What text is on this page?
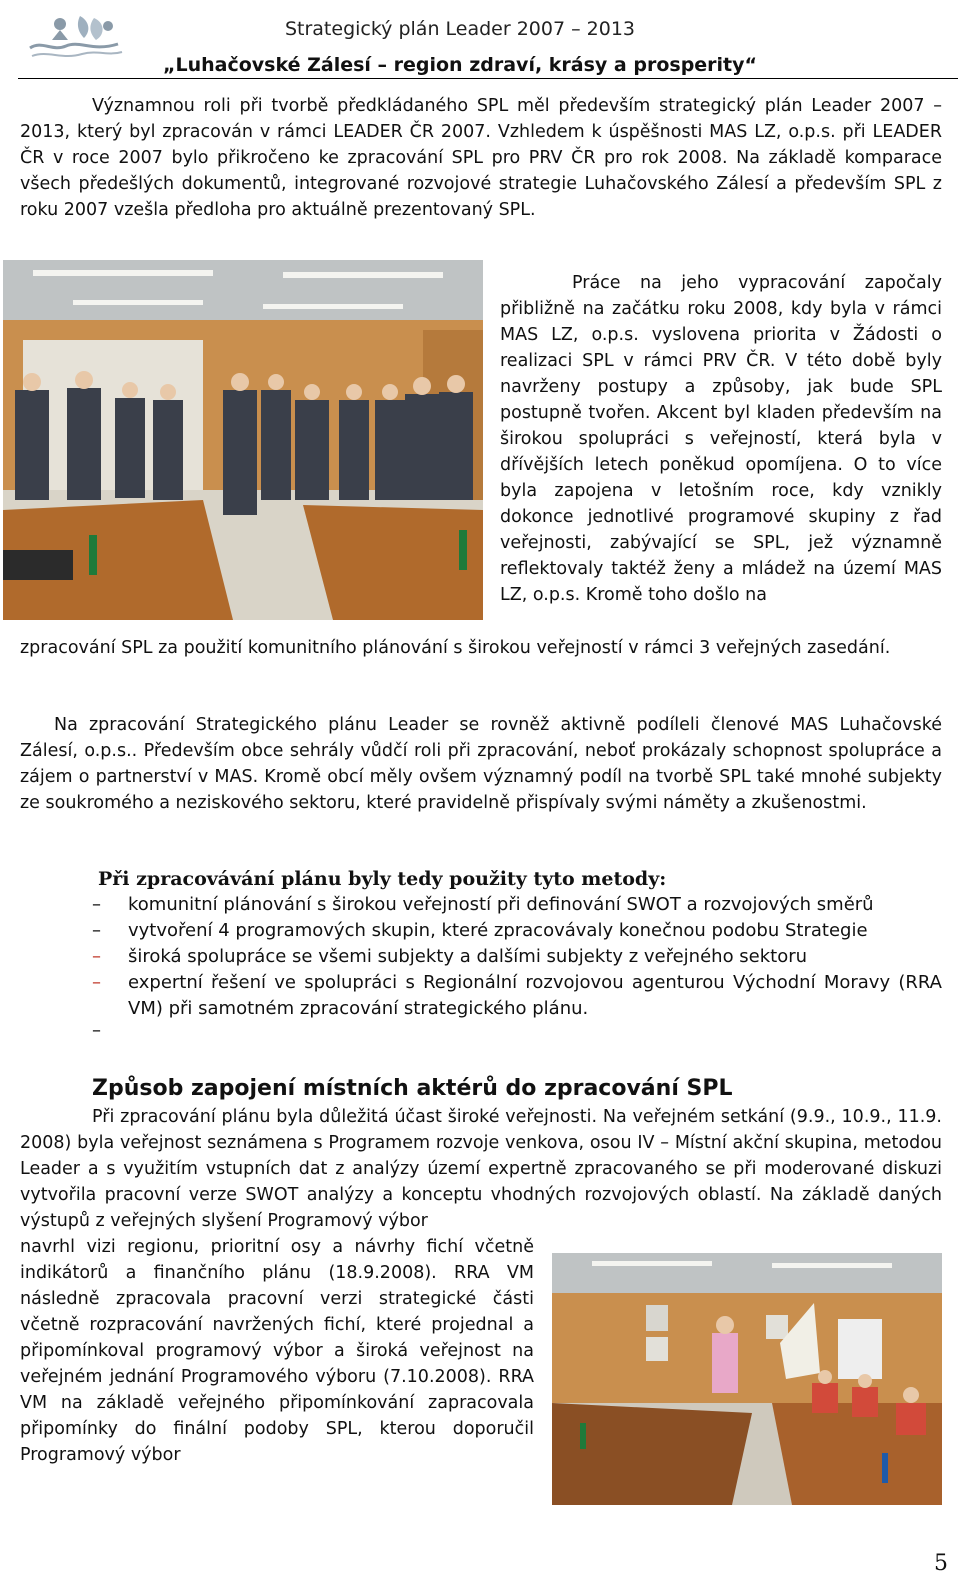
Strategický plán Leader 2007 – 2013
„Luhačovské Zálesí – region zdraví, krásy a prosperity“
Významnou roli při tvorbě předkládaného SPL měl především strategický plán Leader 2007 – 2013, který byl zpracován v rámci LEADER ČR 2007. Vzhledem k úspěšnosti MAS LZ, o.p.s. při LEADER ČR v roce 2007 bylo přikročeno ke zpracování SPL pro PRV ČR pro rok 2008. Na základě komparace všech předešlých dokumentů, integrované rozvojové strategie Luhačovského Zálesí a především SPL z roku 2007 vzešla předloha pro aktuálně prezentovaný SPL.
Práce na jeho vypracování započaly přibližně na začátku roku 2008, kdy byla v rámci MAS LZ, o.p.s. vyslovena priorita v Žádosti o realizaci SPL v rámci PRV ČR. V této době byly navrženy postupy a způsoby, jak bude SPL postupně tvořen. Akcent byl kladen především na širokou spolupráci s veřejností, která byla v dřívějších letech poněkud opomíjena. O to více byla zapojena v letošním roce, kdy vznikly dokonce jednotlivé programové skupiny z řad veřejnosti, zabývající se SPL, jež významně reflektovaly taktéž ženy a mládež na území MAS LZ, o.p.s. Kromě toho došlo na
zpracování SPL za použití komunitního plánování s širokou veřejností v rámci 3 veřejných zasedání.
Na zpracování Strategického plánu Leader se rovněž aktivně podíleli členové MAS Luhačovské Zálesí, o.p.s.. Především obce sehrály vůdčí roli při zpracování, neboť prokázaly schopnost spolupráce a zájem o partnerství v MAS. Kromě obcí měly ovšem významný podíl na tvorbě SPL také mnohé subjekty ze soukromého a neziskového sektoru, které pravidelně přispívaly svými náměty a zkušenostmi.
Při zpracovávání plánu byly tedy použity tyto metody:
–	komunitní plánování s širokou veřejností při definování SWOT a rozvojových směrů
–	vytvoření 4 programových skupin, které zpracovávaly konečnou podobu Strategie
–	široká spolupráce se všemi subjekty a dalšími subjekty z veřejného sektoru
–	expertní řešení ve spolupráci s Regionální rozvojovou agenturou Východní Moravy (RRA VM) při samotném zpracování strategického plánu.
–
Způsob zapojení místních aktérů do zpracování SPL
Při zpracování plánu byla důležitá účast široké veřejnosti. Na veřejném setkání (9.9., 10.9., 11.9. 2008) byla veřejnost seznámena s Programem rozvoje venkova, osou IV – Místní akční skupina, metodou Leader a s využitím vstupních dat z analýzy území expertně zpracovaného se při moderované diskuzi vytvořila pracovní verze SWOT analýzy a konceptu vhodných rozvojových oblastí. Na základě daných výstupů z veřejných slyšení Programový výbor
navrhl vizi regionu, prioritní osy a návrhy fichí včetně indikátorů a finančního plánu (18.9.2008). RRA VM následně zpracovala pracovní verzi strategické části včetně rozpracování navržených fichí, které projednal a připomínkoval programový výbor a široká veřejnost na veřejném jednání Programového výboru (7.10.2008). RRA VM na základě veřejného připomínkování zapracovala připomínky do finální podoby SPL, kterou doporučil Programový výbor
5
